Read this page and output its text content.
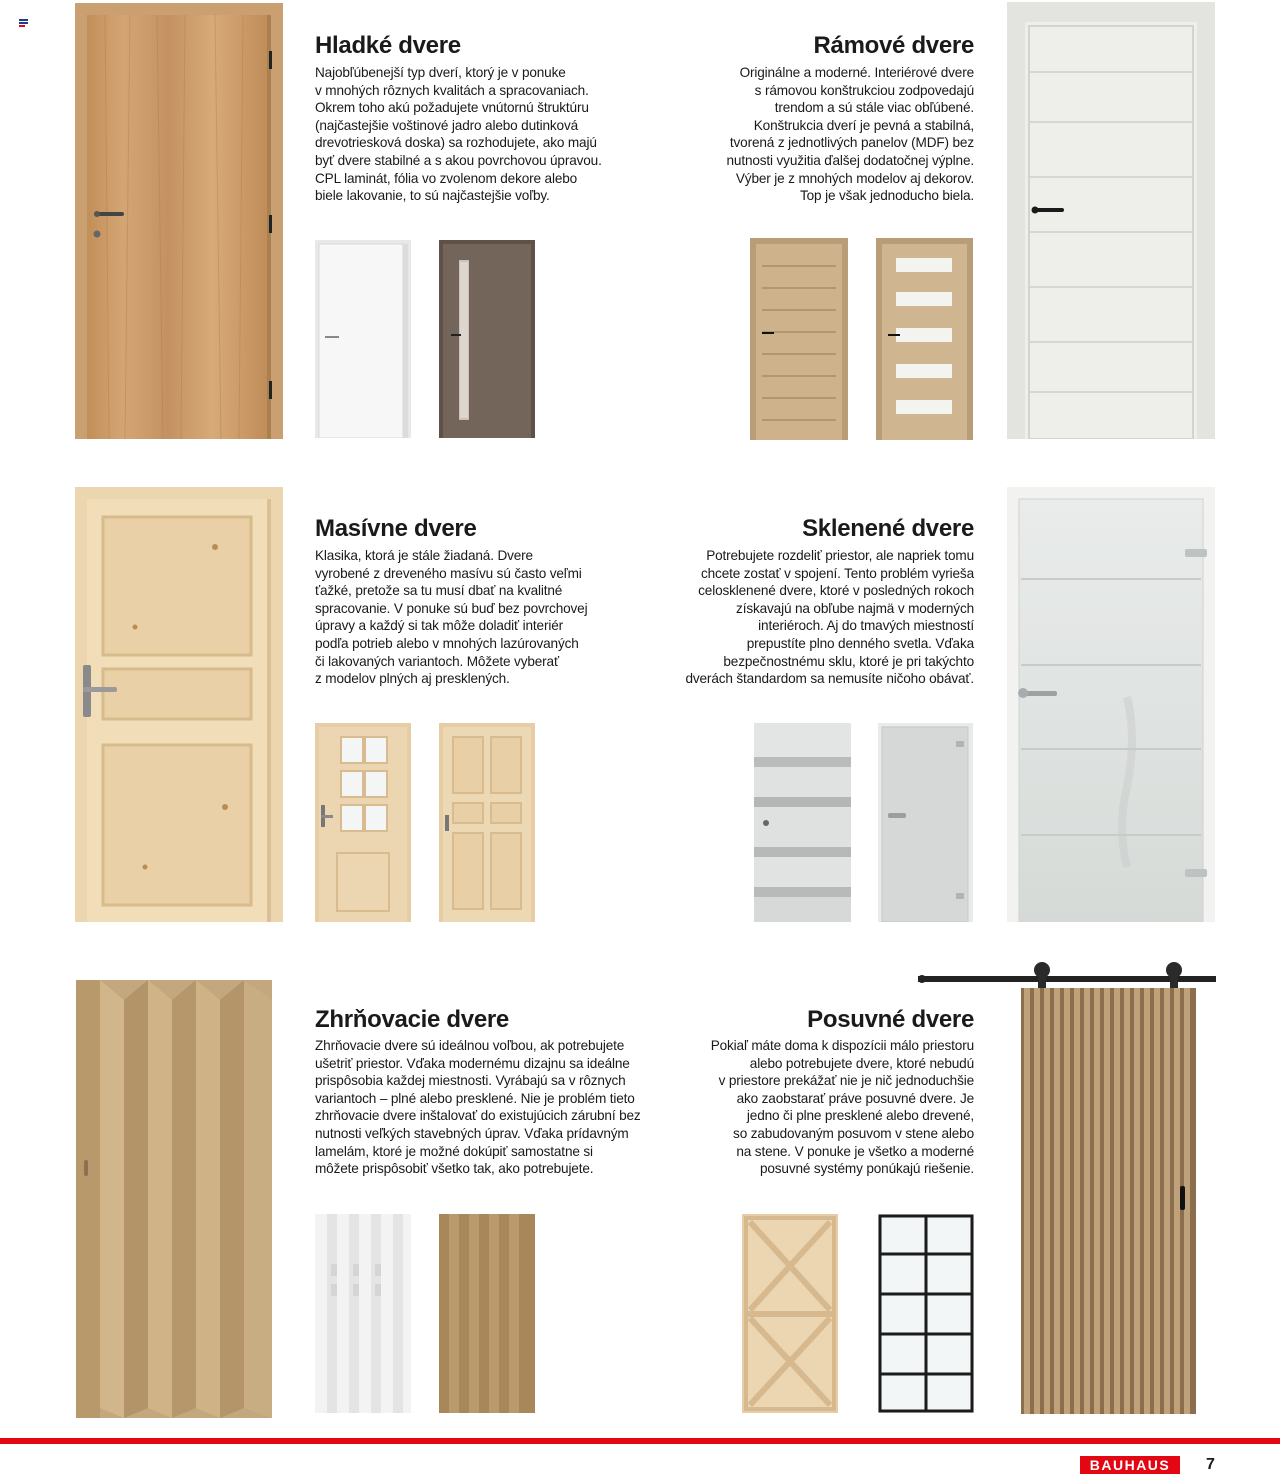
Hladké dvere
Najobľúbenejší typ dverí, ktorý je v ponuke
v mnohých rôznych kvalitách a spracovaniach.
Okrem toho akú požadujete vnútornú štruktúru
(najčastejšie voštinové jadro alebo dutinková
drevotriesková doska) sa rozhodujete, ako majú
byť dvere stabilné a s akou povrchovou úpravou.
CPL laminát, fólia vo zvolenom dekore alebo
biele lakovanie, to sú najčastejšie voľby.
Rámové dvere
Originálne a moderné. Interiérové dvere
s rámovou konštrukciou zodpovedajú
trendom a sú stále viac obľúbené.
Konštrukcia dverí je pevná a stabilná,
tvorená z jednotlivých panelov (MDF) bez
nutnosti využitia ďalšej dodatočnej výplne.
Výber je z mnohých modelov aj dekorov.
Top je však jednoducho biela.
Masívne dvere
Klasika, ktorá je stále žiadaná. Dvere
vyrobené z dreveného masívu sú často veľmi
ťažké, pretože sa tu musí dbať na kvalitné
spracovanie. V ponuke sú buď bez povrchovej
úpravy a každý si tak môže doladiť interiér
podľa potrieb alebo v mnohých lazúrovaných
či lakovaných variantoch. Môžete vyberať
z modelov plných aj presklených.
Sklenené dvere
Potrebujete rozdeliť priestor, ale napriek tomu
chcete zostať v spojení. Tento problém vyrieša
celosklenené dvere, ktoré v posledných rokoch
získavajú na obľube najmä v moderných
interiéroch. Aj do tmavých miestností
prepustíte plno denného svetla. Vďaka
bezpečnostnému sklu, ktoré je pri takýchto
dverách štandardom sa nemusíte ničoho obávať.
Zhrňovacie dvere
Zhrňovacie dvere sú ideálnou voľbou, ak potrebujete
ušetriť priestor. Vďaka modernému dizajnu sa ideálne
prispôsobia každej miestnosti. Vyrábajú sa v rôznych
variantoch – plné alebo presklené. Nie je problém tieto
zhrňovacie dvere inštalovať do existujúcich zárubní bez
nutnosti veľkých stavebných úprav. Vďaka prídavným
lamelám, ktoré je možné dokúpiť samostatne si
môžete prispôsobiť všetko tak, ako potrebujete.
Posuvné dvere
Pokiaľ máte doma k dispozícii málo priestoru
alebo potrebujete dvere, ktoré nebudú
v priestore prekážať nie je nič jednoduchšie
ako zaobstarať práve posuvné dvere. Je
jedno či plne presklené alebo drevené,
so zabudovaným posuvom v stene alebo
na stene. V ponuke je všetko a moderné
posuvné systémy ponúkajú riešenie.
BAUHAUS	7
